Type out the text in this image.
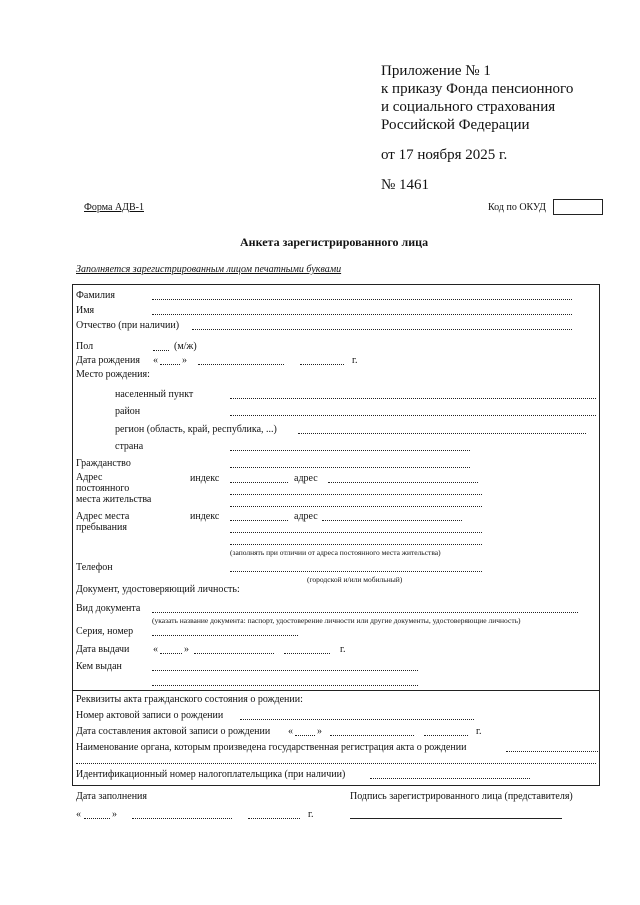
Приложение № 1
к приказу Фонда пенсионного
и социального страхования
Российской Федерации
от 17 ноября 2025 г.
№ 1461
Форма АДВ-1	Код по ОКУД
Анкета зарегистрированного лица
Заполняется зарегистрированным лицом печатными буквами
Фамилия
Имя
Отчество (при наличии)
Пол	(м/ж)
Дата рождения « »	г.
Место рождения:
населенный пункт
район
регион (область, край, республика, ...)
страна
Гражданство
Адрес
постоянного
места жительства
индекс	адрес
Адрес места
пребывания
индекс	адрес
(заполнять при отличии от адреса постоянного места жительства)
Телефон
(городской и/или мобильный)
Документ, удостоверяющий личность:
Вид документа
(указать название документа: паспорт, удостоверение личности или другие документы, удостоверяющие личность)
Серия, номер
Дата выдачи «	»	г.
Кем выдан
Реквизиты акта гражданского состояния о рождении:
Номер актовой записи о рождении
Дата составления актовой записи о рождении « »	г.
Наименование органа, которым произведена государственная регистрация акта о рождении
Идентификационный номер налогоплательщика (при наличии)
Дата заполнения	Подпись зарегистрированного лица (представителя)
«	»	г.
